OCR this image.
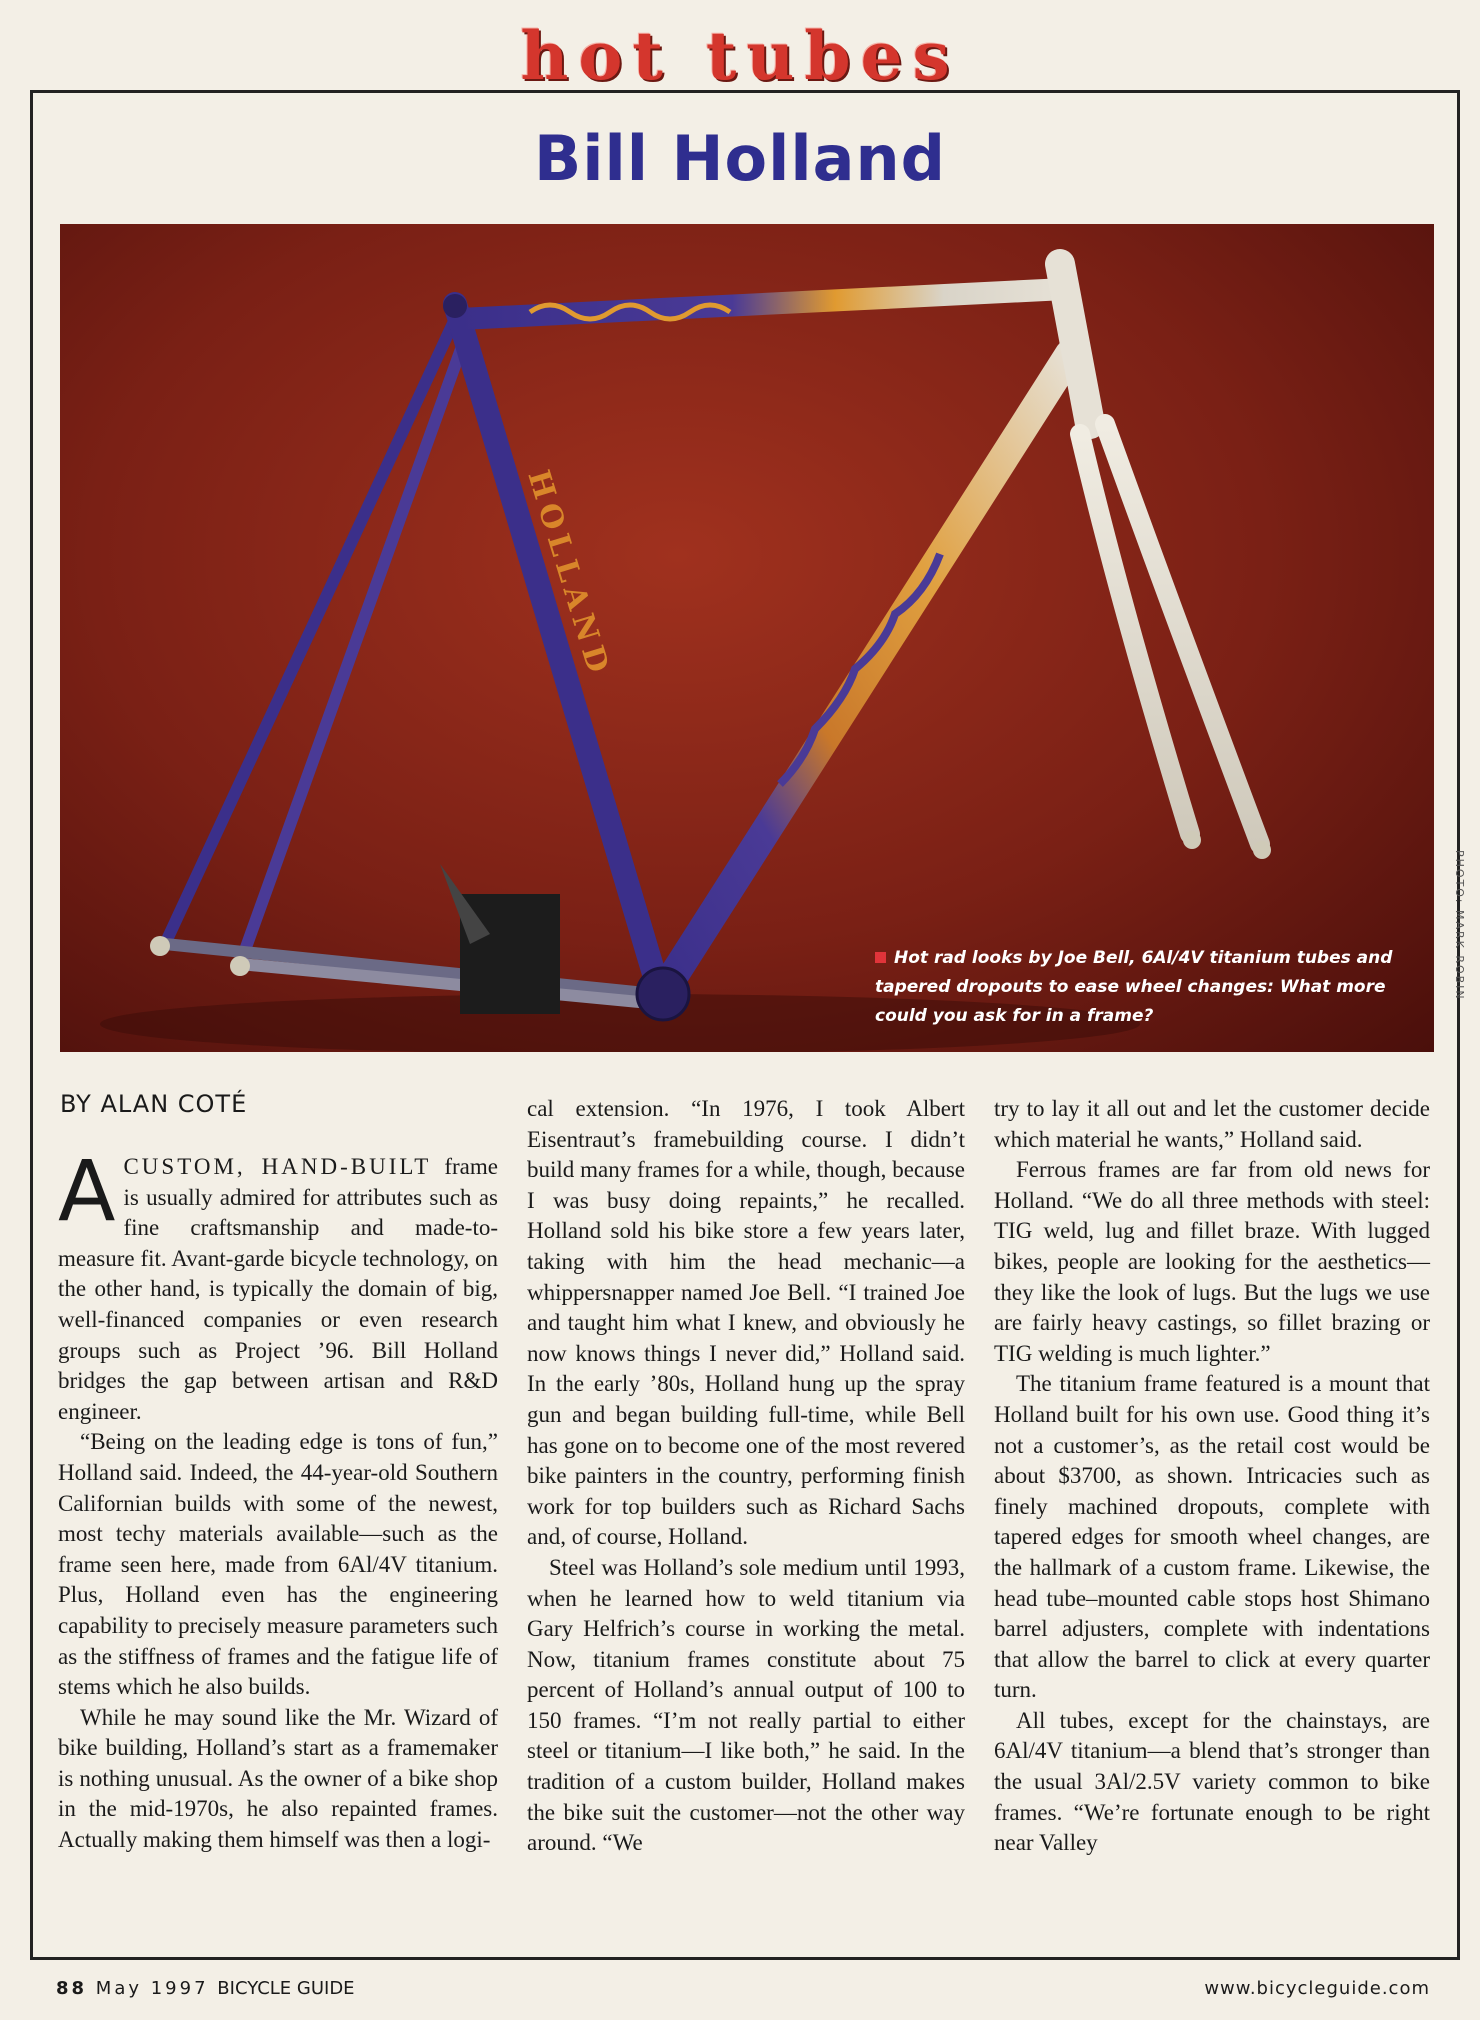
hot tubes
Bill Holland
HOLLAND
Hot rad looks by Joe Bell, 6Al/4V titanium tubes and tapered dropouts to ease wheel changes: What more could you ask for in a frame?
PHOTO: MARK ROBIN
BY ALAN COTÉ

ACUSTOM, HAND-BUILT frame is usually admired for attributes such as fine craftsmanship and made-to-measure fit. Avant-garde bicycle technology, on the other hand, is typically the domain of big, well-financed companies or even research groups such as Project ’96. Bill Holland bridges the gap between artisan and R&D engineer.

“Being on the leading edge is tons of fun,” Holland said. Indeed, the 44-year-old Southern Californian builds with some of the newest, most techy materials available—such as the frame seen here, made from 6Al/4V titanium. Plus, Holland even has the engineering capability to precisely measure parameters such as the stiffness of frames and the fatigue life of stems which he also builds.

While he may sound like the Mr. Wizard of bike building, Holland’s start as a framemaker is nothing unusual. As the owner of a bike shop in the mid-1970s, he also repainted frames. Actually making them himself was then a logi-

cal extension. “In 1976, I took Albert Eisentraut’s framebuilding course. I didn’t build many frames for a while, though, because I was busy doing repaints,” he recalled. Holland sold his bike store a few years later, taking with him the head mechanic—a whippersnapper named Joe Bell. “I trained Joe and taught him what I knew, and obviously he now knows things I never did,” Holland said. In the early ’80s, Holland hung up the spray gun and began building full-time, while Bell has gone on to become one of the most revered bike painters in the country, performing finish work for top builders such as Richard Sachs and, of course, Holland.

Steel was Holland’s sole medium until 1993, when he learned how to weld titanium via Gary Helfrich’s course in working the metal. Now, titanium frames constitute about 75 percent of Holland’s annual output of 100 to 150 frames. “I’m not really partial to either steel or titanium—I like both,” he said. In the tradition of a custom builder, Holland makes the bike suit the customer—not the other way around. “We

try to lay it all out and let the customer decide which material he wants,” Holland said.

Ferrous frames are far from old news for Holland. “We do all three methods with steel: TIG weld, lug and fillet braze. With lugged bikes, people are looking for the aesthetics—they like the look of lugs. But the lugs we use are fairly heavy castings, so fillet brazing or TIG welding is much lighter.”

The titanium frame featured is a mount that Holland built for his own use. Good thing it’s not a customer’s, as the retail cost would be about $3700, as shown. Intricacies such as finely machined dropouts, complete with tapered edges for smooth wheel changes, are the hallmark of a custom frame. Likewise, the head tube–mounted cable stops host Shimano barrel adjusters, complete with indentations that allow the barrel to click at every quarter turn.

All tubes, except for the chainstays, are 6Al/4V titanium—a blend that’s stronger than the usual 3Al/2.5V variety common to bike frames. “We’re fortunate enough to be right near Valley

88 May 1997 BICYCLE GUIDE	www.bicycleguide.com
